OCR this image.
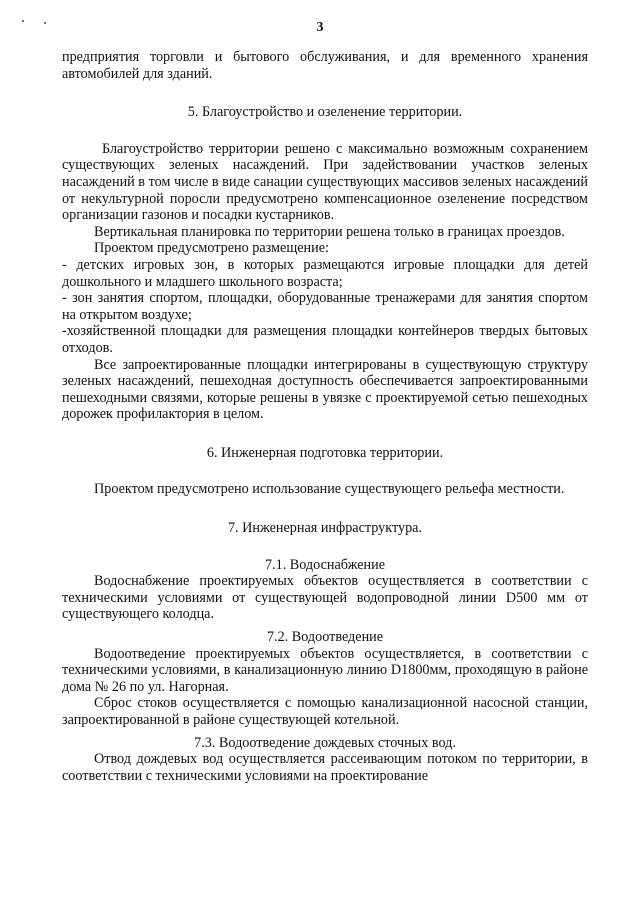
3

предприятия торговли и бытового обслуживания, и для временного хранения автомобилей для зданий.

5. Благоустройство и озеленение территории.

Благоустройство территории решено с максимально возможным сохранением существующих зеленых насаждений. При задействовании участков зеленых насаждений в том числе в виде санации существующих массивов зеленых насаждений от некультурной поросли предусмотрено компенсационное озеленение посредством организации газонов и посадки кустарников.

Вертикальная планировка по территории решена только в границах проездов.

Проектом предусмотрено размещение:

- детских игровых зон, в которых размещаются игровые площадки для детей дошкольного и младшего школьного возраста;

- зон занятия спортом, площадки, оборудованные тренажерами для занятия спортом на открытом воздухе;

-хозяйственной площадки для размещения площадки контейнеров твердых бытовых отходов.

Все запроектированные площадки интегрированы в существующую структуру зеленых насаждений, пешеходная доступность обеспечивается запроектированными пешеходными связями, которые решены в увязке с проектируемой сетью пешеходных дорожек профилактория в целом.

6. Инженерная подготовка территории.

Проектом предусмотрено использование существующего рельефа местности.

7. Инженерная инфраструктура.

7.1. Водоснабжение

Водоснабжение проектируемых объектов осуществляется в соответствии с техническими условиями от существующей водопроводной линии D500 мм от существующего колодца.

7.2. Водоотведение

Водоотведение проектируемых объектов осуществляется, в соответствии с техническими условиями, в канализационную линию D1800мм, проходящую в районе дома № 26 по ул. Нагорная.

Сброс стоков осуществляется с помощью канализационной насосной станции, запроектированной в районе существующей котельной.

7.3. Водоотведение дождевых сточных вод.

Отвод дождевых вод осуществляется рассеивающим потоком по территории, в соответствии с техническими условиями на проектирование
